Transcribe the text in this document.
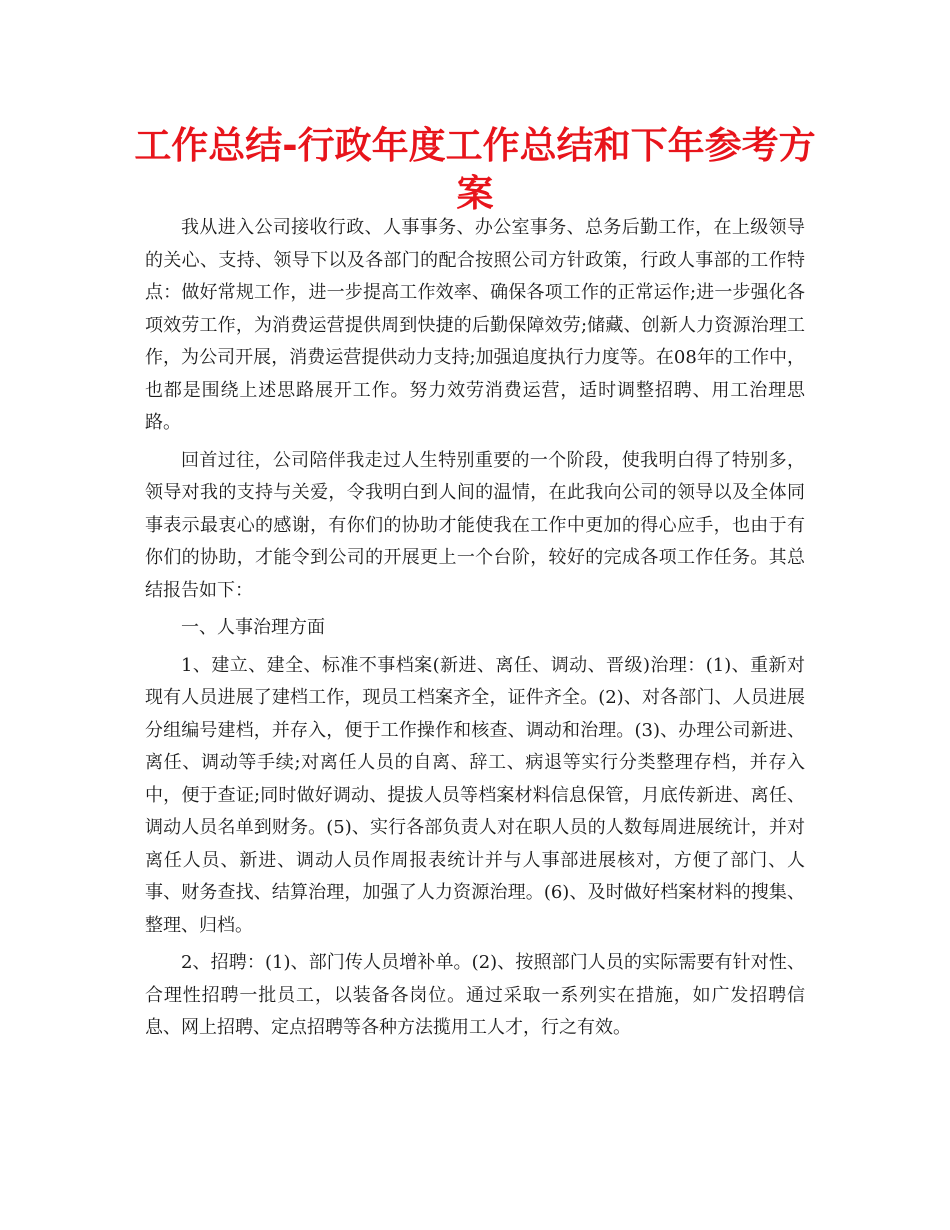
工作总结-行政年度工作总结和下年参考方案

我从进入公司接收行政、人事事务、办公室事务、总务后勤工作，在上级领导的关心、支持、领导下以及各部门的配合按照公司方针政策，行政人事部的工作特点：做好常规工作，进一步提高工作效率、确保各项工作的正常运作;进一步强化各项效劳工作，为消费运营提供周到快捷的后勤保障效劳;储藏、创新人力资源治理工作，为公司开展，消费运营提供动力支持;加强追度执行力度等。在08年的工作中，也都是围绕上述思路展开工作。努力效劳消费运营，适时调整招聘、用工治理思路。

回首过往，公司陪伴我走过人生特别重要的一个阶段，使我明白得了特别多，领导对我的支持与关爱，令我明白到人间的温情，在此我向公司的领导以及全体同事表示最衷心的感谢，有你们的协助才能使我在工作中更加的得心应手，也由于有你们的协助，才能令到公司的开展更上一个台阶，较好的完成各项工作任务。其总结报告如下：

一、人事治理方面

1、建立、建全、标准不事档案(新进、离任、调动、晋级)治理：(1)、重新对现有人员进展了建档工作，现员工档案齐全，证件齐全。(2)、对各部门、人员进展分组编号建档，并存入，便于工作操作和核查、调动和治理。(3)、办理公司新进、离任、调动等手续;对离任人员的自离、辞工、病退等实行分类整理存档，并存入中，便于查证;同时做好调动、提拔人员等档案材料信息保管，月底传新进、离任、调动人员名单到财务。(5)、实行各部负责人对在职人员的人数每周进展统计，并对离任人员、新进、调动人员作周报表统计并与人事部进展核对，方便了部门、人事、财务查找、结算治理，加强了人力资源治理。(6)、及时做好档案材料的搜集、整理、归档。

2、招聘：(1)、部门传人员增补单。(2)、按照部门人员的实际需要有针对性、合理性招聘一批员工，以装备各岗位。通过采取一系列实在措施，如广发招聘信息、网上招聘、定点招聘等各种方法揽用工人才，行之有效。
